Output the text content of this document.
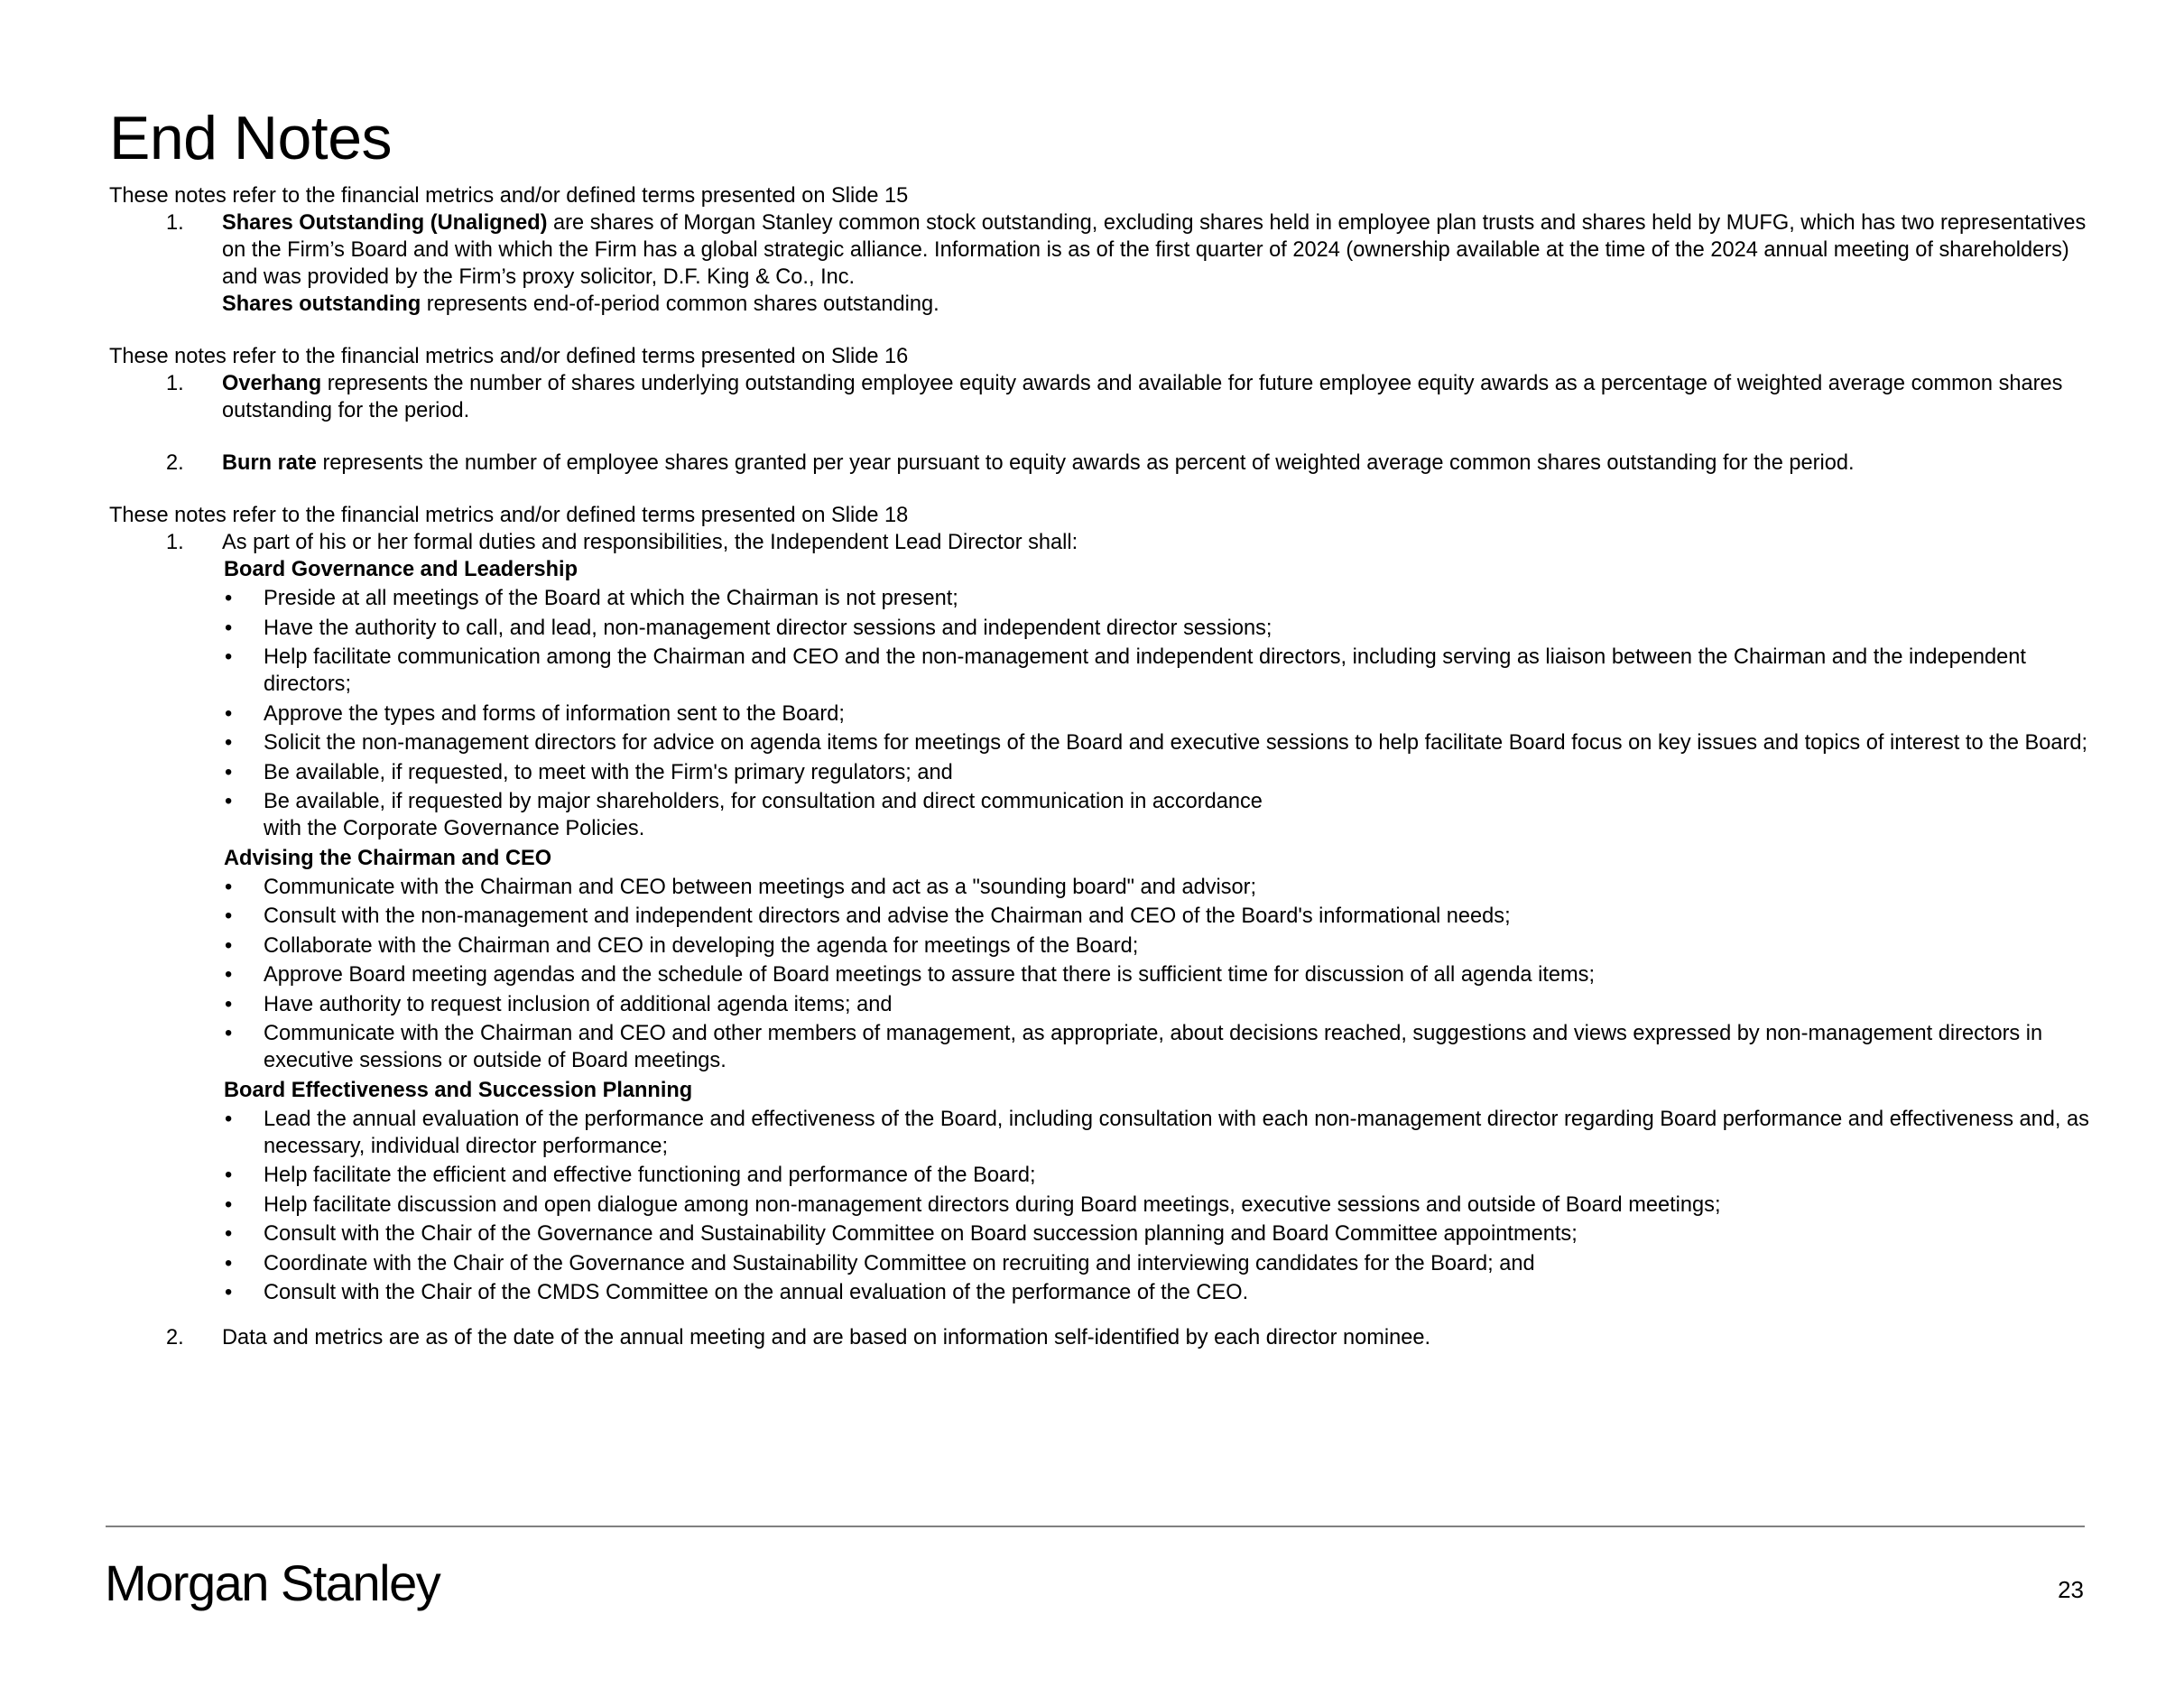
End Notes

These notes refer to the financial metrics and/or defined terms presented on Slide 15

1. Shares Outstanding (Unaligned) are shares of Morgan Stanley common stock outstanding, excluding shares held in employee plan trusts and shares held by MUFG, which has two representatives on the Firm’s Board and with which the Firm has a global strategic alliance. Information is as of the first quarter of 2024 (ownership available at the time of the 2024 annual meeting of shareholders) and was provided by the Firm’s proxy solicitor, D.F. King & Co., Inc.

Shares outstanding represents end-of-period common shares outstanding.

These notes refer to the financial metrics and/or defined terms presented on Slide 16

1. Overhang represents the number of shares underlying outstanding employee equity awards and available for future employee equity awards as a percentage of weighted average common shares outstanding for the period.

2. Burn rate represents the number of employee shares granted per year pursuant to equity awards as percent of weighted average common shares outstanding for the period.

These notes refer to the financial metrics and/or defined terms presented on Slide 18

1. As part of his or her formal duties and responsibilities, the Independent Lead Director shall:

Board Governance and Leadership

• Preside at all meetings of the Board at which the Chairman is not present;
• Have the authority to call, and lead, non-management director sessions and independent director sessions;
• Help facilitate communication among the Chairman and CEO and the non-management and independent directors, including serving as liaison between the Chairman and the independent directors;
• Approve the types and forms of information sent to the Board;
• Solicit the non-management directors for advice on agenda items for meetings of the Board and executive sessions to help facilitate Board focus on key issues and topics of interest to the Board;
• Be available, if requested, to meet with the Firm's primary regulators; and
• Be available, if requested by major shareholders, for consultation and direct communication in accordance with the Corporate Governance Policies.

Advising the Chairman and CEO

• Communicate with the Chairman and CEO between meetings and act as a "sounding board" and advisor;
• Consult with the non-management and independent directors and advise the Chairman and CEO of the Board's informational needs;
• Collaborate with the Chairman and CEO in developing the agenda for meetings of the Board;
• Approve Board meeting agendas and the schedule of Board meetings to assure that there is sufficient time for discussion of all agenda items;
• Have authority to request inclusion of additional agenda items; and
• Communicate with the Chairman and CEO and other members of management, as appropriate, about decisions reached, suggestions and views expressed by non-management directors in executive sessions or outside of Board meetings.

Board Effectiveness and Succession Planning

• Lead the annual evaluation of the performance and effectiveness of the Board, including consultation with each non-management director regarding Board performance and effectiveness and, as necessary, individual director performance;
• Help facilitate the efficient and effective functioning and performance of the Board;
• Help facilitate discussion and open dialogue among non-management directors during Board meetings, executive sessions and outside of Board meetings;
• Consult with the Chair of the Governance and Sustainability Committee on Board succession planning and Board Committee appointments;
• Coordinate with the Chair of the Governance and Sustainability Committee on recruiting and interviewing candidates for the Board; and
• Consult with the Chair of the CMDS Committee on the annual evaluation of the performance of the CEO.
2. Data and metrics are as of the date of the annual meeting and are based on information self-identified by each director nominee.

Morgan Stanley	23
